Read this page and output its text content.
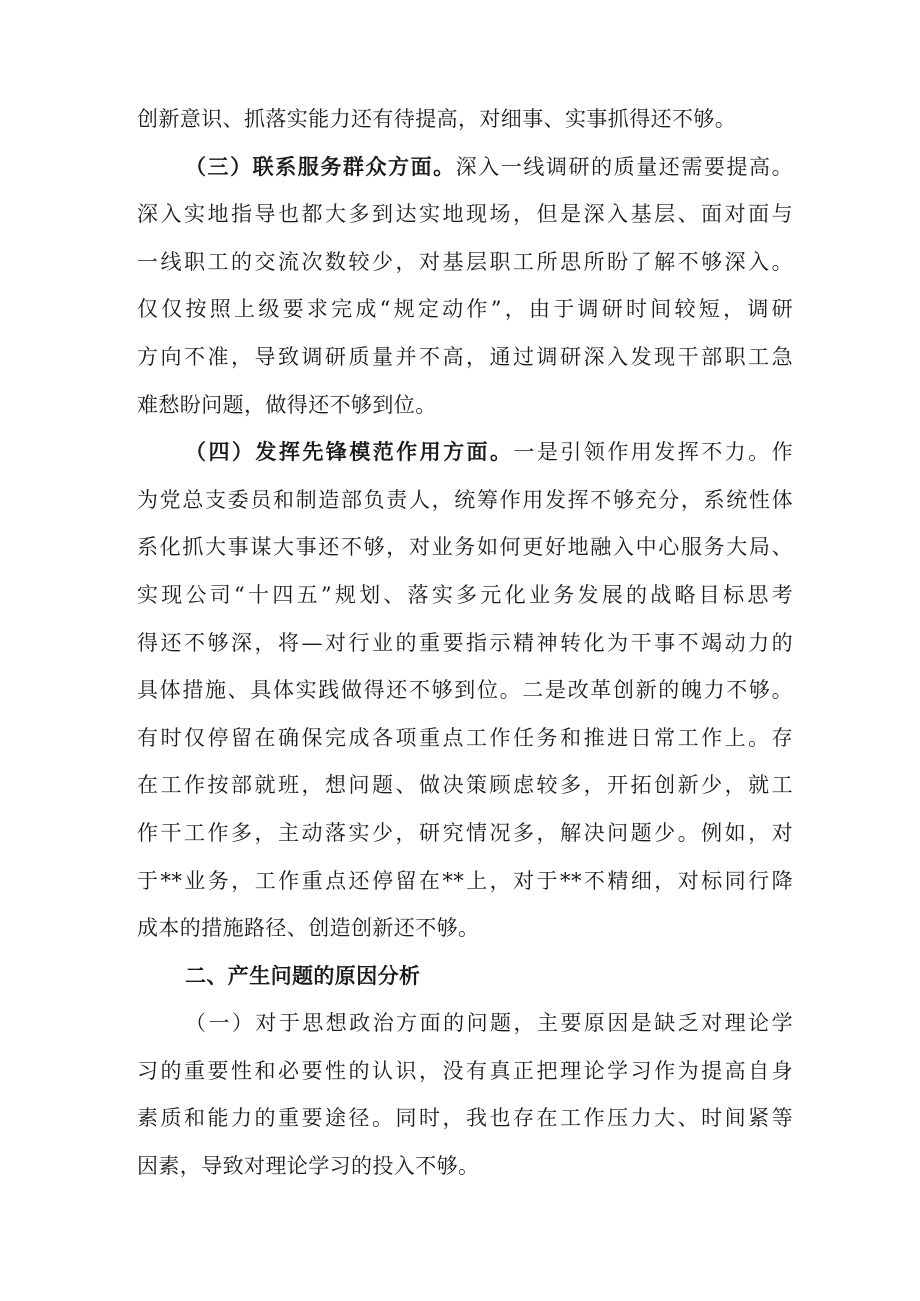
创新意识、抓落实能力还有待提高，对细事、实事抓得还不够。
（三）联系服务群众方面。深入一线调研的质量还需要提高。
深入实地指导也都大多到达实地现场，但是深入基层、面对面与
一线职工的交流次数较少，对基层职工所思所盼了解不够深入。
仅仅按照上级要求完成“规定动作”，由于调研时间较短，调研
方向不准，导致调研质量并不高，通过调研深入发现干部职工急
难愁盼问题，做得还不够到位。
（四）发挥先锋模范作用方面。一是引领作用发挥不力。作
为党总支委员和制造部负责人，统筹作用发挥不够充分，系统性体
系化抓大事谋大事还不够，对业务如何更好地融入中心服务大局、
实现公司“十四五”规划、落实多元化业务发展的战略目标思考
得还不够深，将—对行业的重要指示精神转化为干事不竭动力的
具体措施、具体实践做得还不够到位。二是改革创新的魄力不够。
有时仅停留在确保完成各项重点工作任务和推进日常工作上。存
在工作按部就班，想问题、做决策顾虑较多，开拓创新少，就工
作干工作多，主动落实少，研究情况多，解决问题少。例如，对
于**业务，工作重点还停留在**上，对于**不精细，对标同行降
成本的措施路径、创造创新还不够。
二、产生问题的原因分析
（一）对于思想政治方面的问题，主要原因是缺乏对理论学
习的重要性和必要性的认识，没有真正把理论学习作为提高自身
素质和能力的重要途径。同时，我也存在工作压力大、时间紧等
因素，导致对理论学习的投入不够。
